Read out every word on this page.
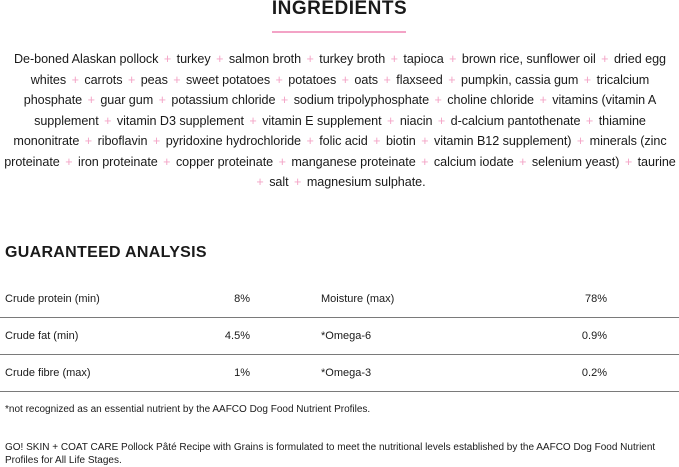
INGREDIENTS

De-boned Alaskan pollock + turkey + salmon broth + turkey broth + tapioca + brown rice, sunflower oil + dried egg whites + carrots + peas + sweet potatoes + potatoes + oats + flaxseed + pumpkin, cassia gum + tricalcium phosphate + guar gum + potassium chloride + sodium tripolyphosphate + choline chloride + vitamins (vitamin A supplement + vitamin D3 supplement + vitamin E supplement + niacin + d-calcium pantothenate + thiamine mononitrate + riboflavin + pyridoxine hydrochloride + folic acid + biotin + vitamin B12 supplement) + minerals (zinc proteinate + iron proteinate + copper proteinate + manganese proteinate + calcium iodate + selenium yeast) + taurine + salt + magnesium sulphate.

GUARANTEED ANALYSIS
Crude protein (min)	8%	Moisture (max)	78%
Crude fat (min)	4.5%	*Omega-6	0.9%
Crude fibre (max)	1%	*Omega-3	0.2%

*not recognized as an essential nutrient by the AAFCO Dog Food Nutrient Profiles.

GO! SKIN + COAT CARE Pollock Pâté Recipe with Grains is formulated to meet the nutritional levels established by the AAFCO Dog Food Nutrient Profiles for All Life Stages.
